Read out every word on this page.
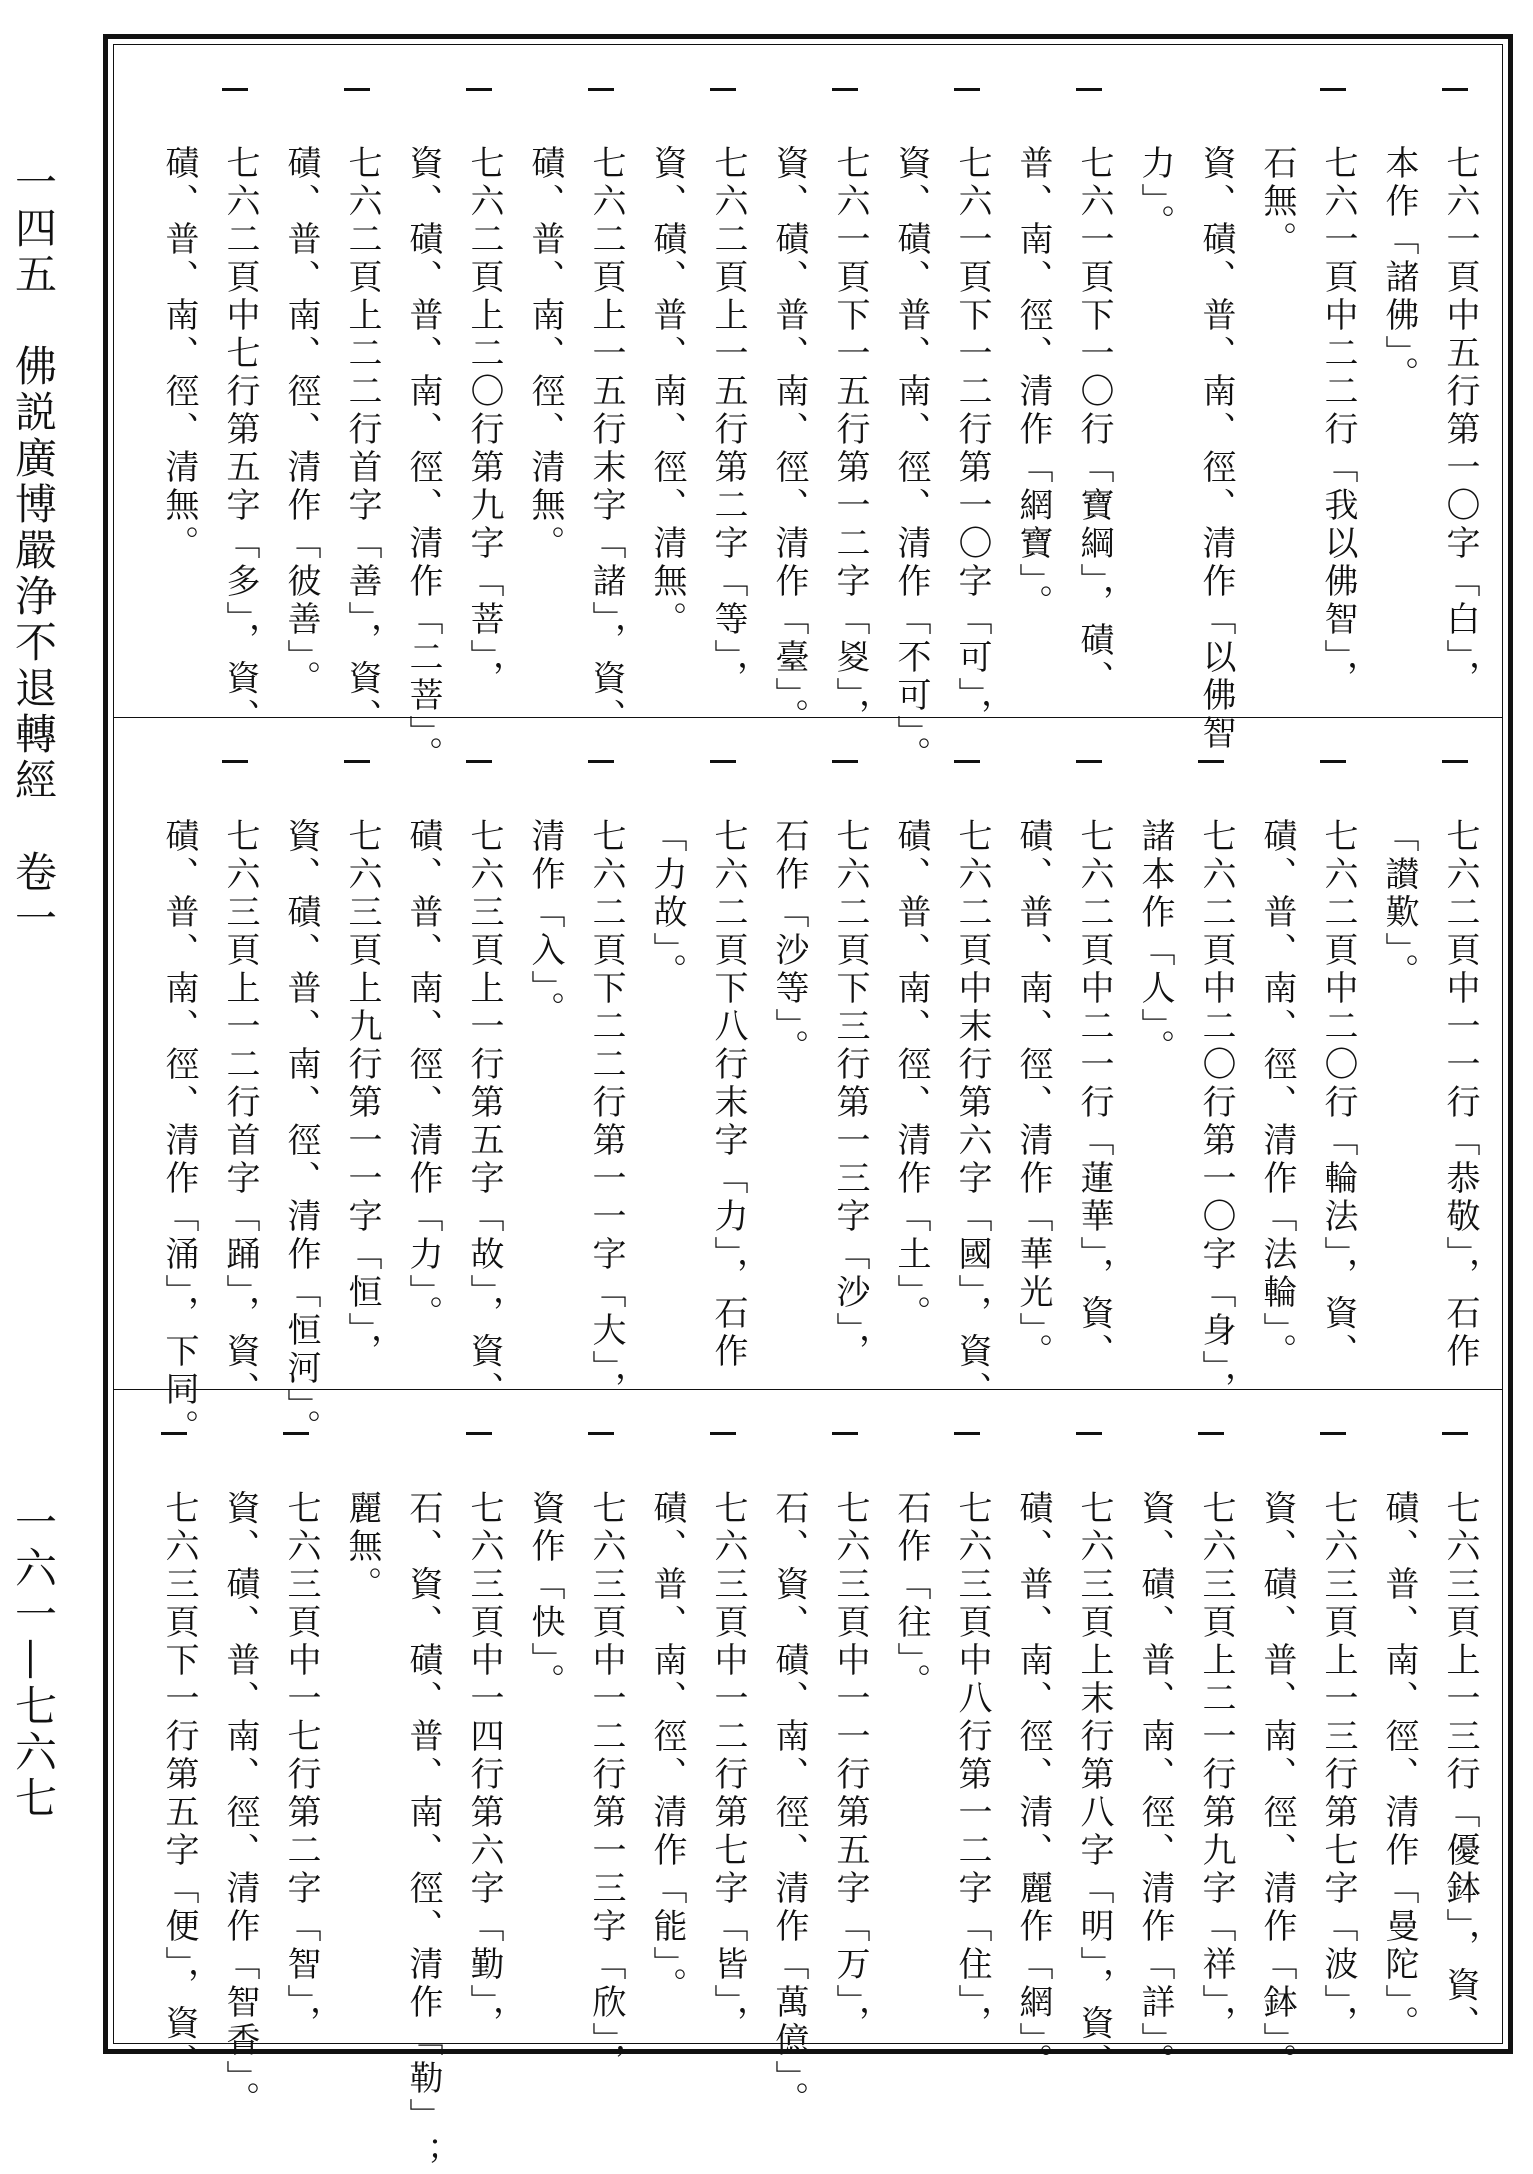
一四五　佛説廣博嚴浄不退轉經　卷一
一六一—七六七
七六一頁中五行第一〇字「白」，
本作「諸佛」。
七六一頁中二二行「我以佛智」，
石無。
資、磧、普、南、徑、清作「以佛智
力」。
七六一頁下一〇行「寶綱」，磧、
普、南、徑、清作「網寶」。
七六一頁下一二行第一〇字「可」，
資、磧、普、南、徑、清作「不可」。
七六一頁下一五行第一二字「㚇」，
資、磧、普、南、徑、清作「臺」。
七六二頁上一五行第二字「等」，
資、磧、普、南、徑、清無。
七六二頁上一五行末字「諸」，資、
磧、普、南、徑、清無。
七六二頁上二〇行第九字「菩」，
資、磧、普、南、徑、清作「二菩」。
七六二頁上二二行首字「善」，資、
磧、普、南、徑、清作「彼善」。
七六二頁中七行第五字「多」，資、
磧、普、南、徑、清無。
七六二頁中一一行「恭敬」，石作
「讃歎」。
七六二頁中二〇行「輪法」，資、
磧、普、南、徑、清作「法輪」。
七六二頁中二〇行第一〇字「身」，
諸本作「人」。
七六二頁中二一行「蓮華」，資、
磧、普、南、徑、清作「華光」。
七六二頁中末行第六字「國」，資、
磧、普、南、徑、清作「土」。
七六二頁下三行第一三字「沙」，
石作「沙等」。
七六二頁下八行末字「力」，石作
「力故」。
七六二頁下二二行第一一字「大」，
清作「入」。
七六三頁上一行第五字「故」，資、
磧、普、南、徑、清作「力」。
七六三頁上九行第一一字「恒」，
資、磧、普、南、徑、清作「恒河」。
七六三頁上一二行首字「踊」，資、
磧、普、南、徑、清作「涌」，下同。
七六三頁上一三行「優鉢」，資、
磧、普、南、徑、清作「曼陀」。
七六三頁上一三行第七字「波」，
資、磧、普、南、徑、清作「鉢」。
七六三頁上二一行第九字「祥」，
資、磧、普、南、徑、清作「詳」。
七六三頁上末行第八字「明」，資、
磧、普、南、徑、清、麗作「網」。
七六三頁中八行第一二字「住」，
石作「往」。
七六三頁中一一行第五字「万」，
石、資、磧、南、徑、清作「萬億」。
七六三頁中一二行第七字「皆」，
磧、普、南、徑、清作「能」。
七六三頁中一二行第一三字「欣」，
資作「快」。
七六三頁中一四行第六字「勤」，
石、資、磧、普、南、徑、清作「勒」；
麗無。
七六三頁中一七行第二字「智」，
資、磧、普、南、徑、清作「智香」。
七六三頁下一行第五字「便」，資、
